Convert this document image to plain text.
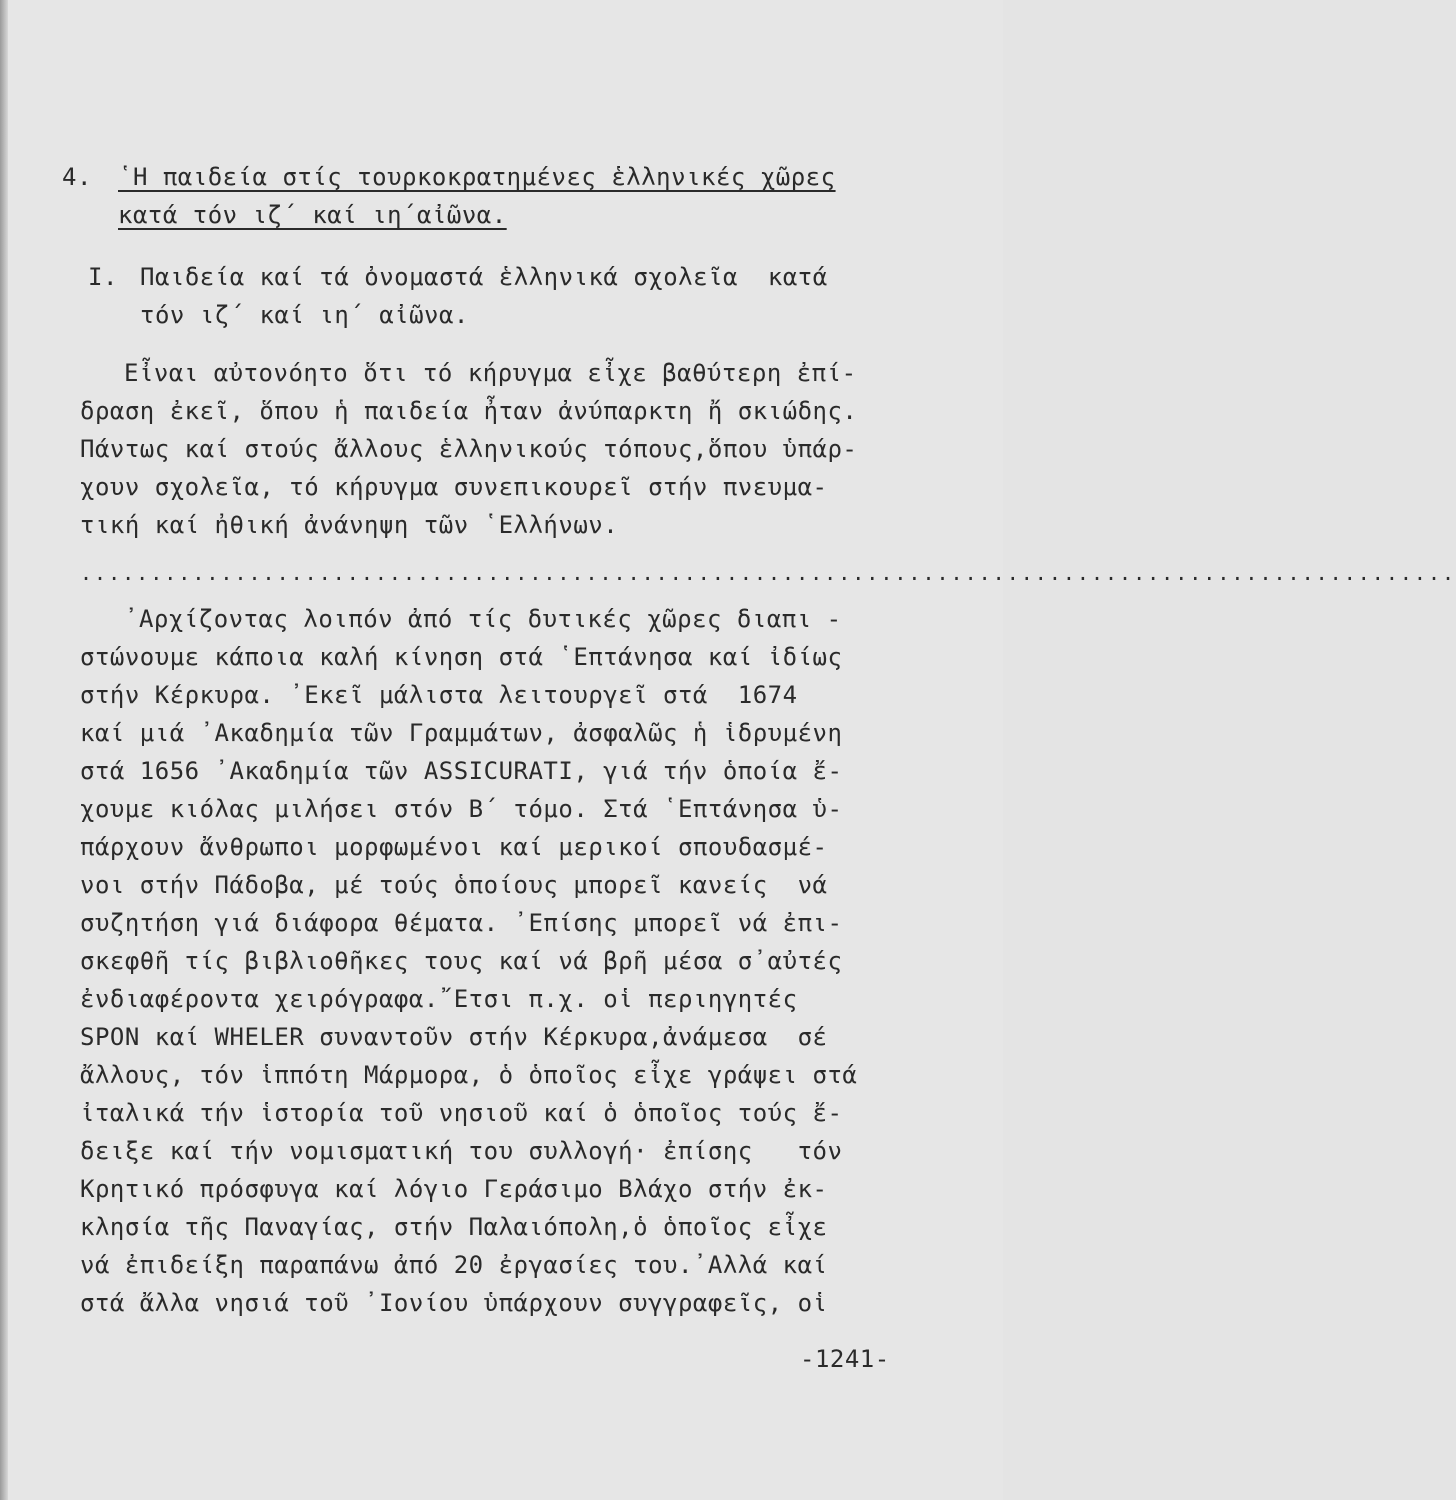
4. ῾Η παιδεία στίς τουρκοκρατημένες ἑλληνικές χῶρες
κατά τόν ιζ΄ καί ιη΄αἰῶνα.
Ι. Παιδεία καί τά ὀνομαστά ἑλληνικά σχολεῖα  κατά
τόν ιζ΄ καί ιη΄ αἰῶνα.
Εἶναι αὐτονόητο ὅτι τό κήρυγμα εἶχε βαθύτερη ἐπί-
δραση ἐκεῖ, ὅπου ἡ παιδεία ἦταν ἀνύπαρκτη ἤ σκιώδης.
Πάντως καί στούς ἄλλους ἑλληνικούς τόπους,ὅπου ὑπάρ-
χουν σχολεῖα, τό κήρυγμα συνεπικουρεῖ στήν πνευμα-
τική καί ἠθική ἀνάνηψη τῶν ῾Ελλήνων.
..................................................................................................
᾿Αρχίζοντας λοιπόν ἀπό τίς δυτικές χῶρες διαπι -
στώνουμε κάποια καλή κίνηση στά ῾Επτάνησα καί ἰδίως
στήν Κέρκυρα. ᾿Εκεῖ μάλιστα λειτουργεῖ στά  1674
καί μιά ᾿Ακαδημία τῶν Γραμμάτων, ἀσφαλῶς ἡ ἱδρυμένη
στά 1656 ᾿Ακαδημία τῶν ASSICURATI, γιά τήν ὁποία ἔ-
χουμε κιόλας μιλήσει στόν Β΄ τόμο. Στά ῾Επτάνησα ὑ-
πάρχουν ἄνθρωποι μορφωμένοι καί μερικοί σπουδασμέ-
νοι στήν Πάδοβα, μέ τούς ὁποίους μπορεῖ κανείς  νά
συζητήση γιά διάφορα θέματα. ᾿Επίσης μπορεῖ νά ἐπι-
σκεφθῆ τίς βιβλιοθῆκες τους καί νά βρῆ μέσα σ᾿αὐτές
ἐνδιαφέροντα χειρόγραφα.῎Ετσι π.χ. οἱ περιηγητές
SPON καί WHELER συναντοῦν στήν Κέρκυρα,ἀνάμεσα  σέ
ἄλλους, τόν ἱππότη Μάρμορα, ὁ ὁποῖος εἶχε γράψει στά
ἰταλικά τήν ἱστορία τοῦ νησιοῦ καί ὁ ὁποῖος τούς ἔ-
δειξε καί τήν νομισματική του συλλογή· ἐπίσης   τόν
Κρητικό πρόσφυγα καί λόγιο Γεράσιμο Βλάχο στήν ἐκ-
κλησία τῆς Παναγίας, στήν Παλαιόπολη,ὁ ὁποῖος εἶχε
νά ἐπιδείξη παραπάνω ἀπό 20 ἐργασίες του.᾿Αλλά καί
στά ἄλλα νησιά τοῦ ᾿Ιονίου ὑπάρχουν συγγραφεῖς, οἱ
-1241-
